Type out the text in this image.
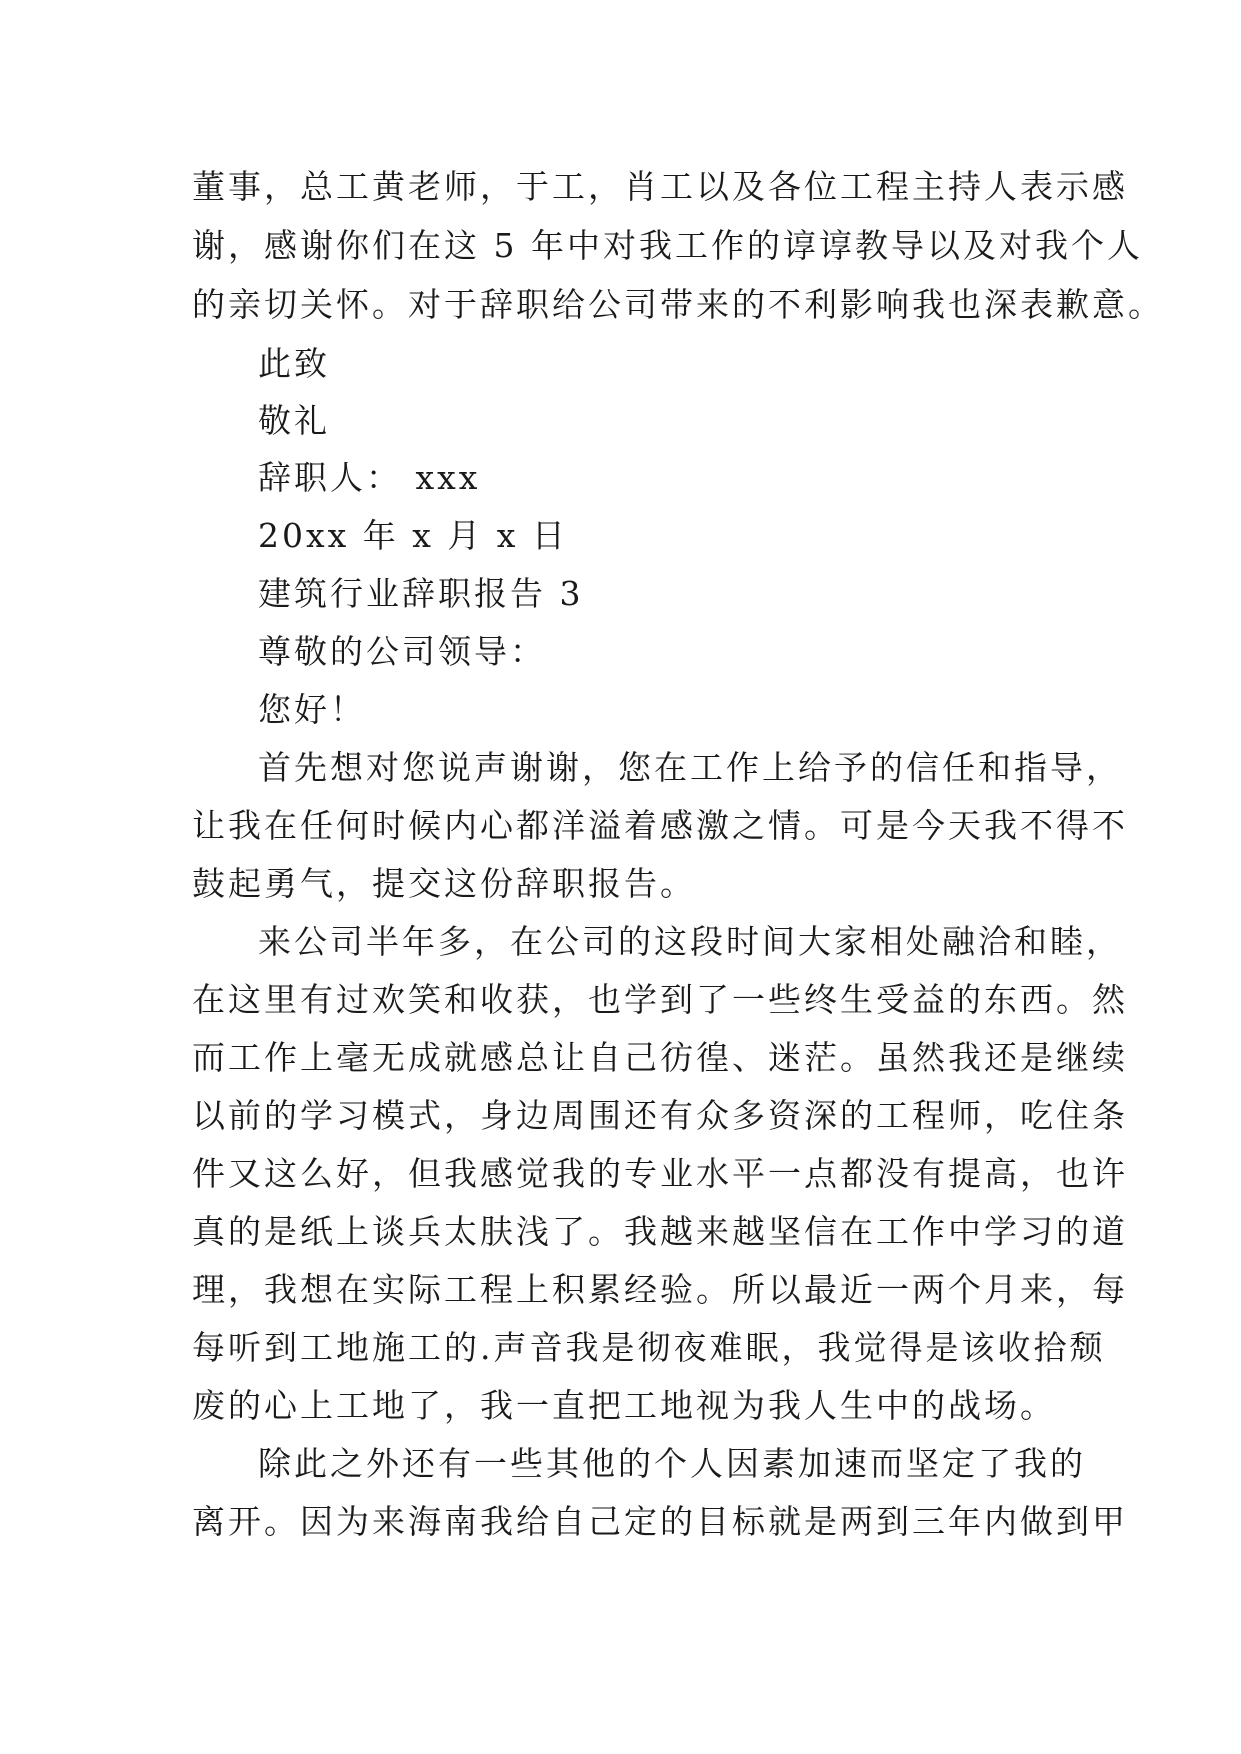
董事，总工黄老师，于工，肖工以及各位工程主持人表示感
谢，感谢你们在这 5 年中对我工作的谆谆教导以及对我个人
的亲切关怀。对于辞职给公司带来的不利影响我也深表歉意。
此致
敬礼
辞职人： xxx
20xx 年 x 月 x 日
建筑行业辞职报告 3
尊敬的公司领导：
您好！
首先想对您说声谢谢，您在工作上给予的信任和指导，
让我在任何时候内心都洋溢着感激之情。可是今天我不得不
鼓起勇气，提交这份辞职报告。
来公司半年多，在公司的这段时间大家相处融洽和睦，
在这里有过欢笑和收获，也学到了一些终生受益的东西。然
而工作上毫无成就感总让自己彷徨、迷茫。虽然我还是继续
以前的学习模式，身边周围还有众多资深的工程师，吃住条
件又这么好，但我感觉我的专业水平一点都没有提高，也许
真的是纸上谈兵太肤浅了。我越来越坚信在工作中学习的道
理，我想在实际工程上积累经验。所以最近一两个月来，每
每听到工地施工的.声音我是彻夜难眠，我觉得是该收拾颓
废的心上工地了，我一直把工地视为我人生中的战场。
除此之外还有一些其他的个人因素加速而坚定了我的
离开。因为来海南我给自己定的目标就是两到三年内做到甲
